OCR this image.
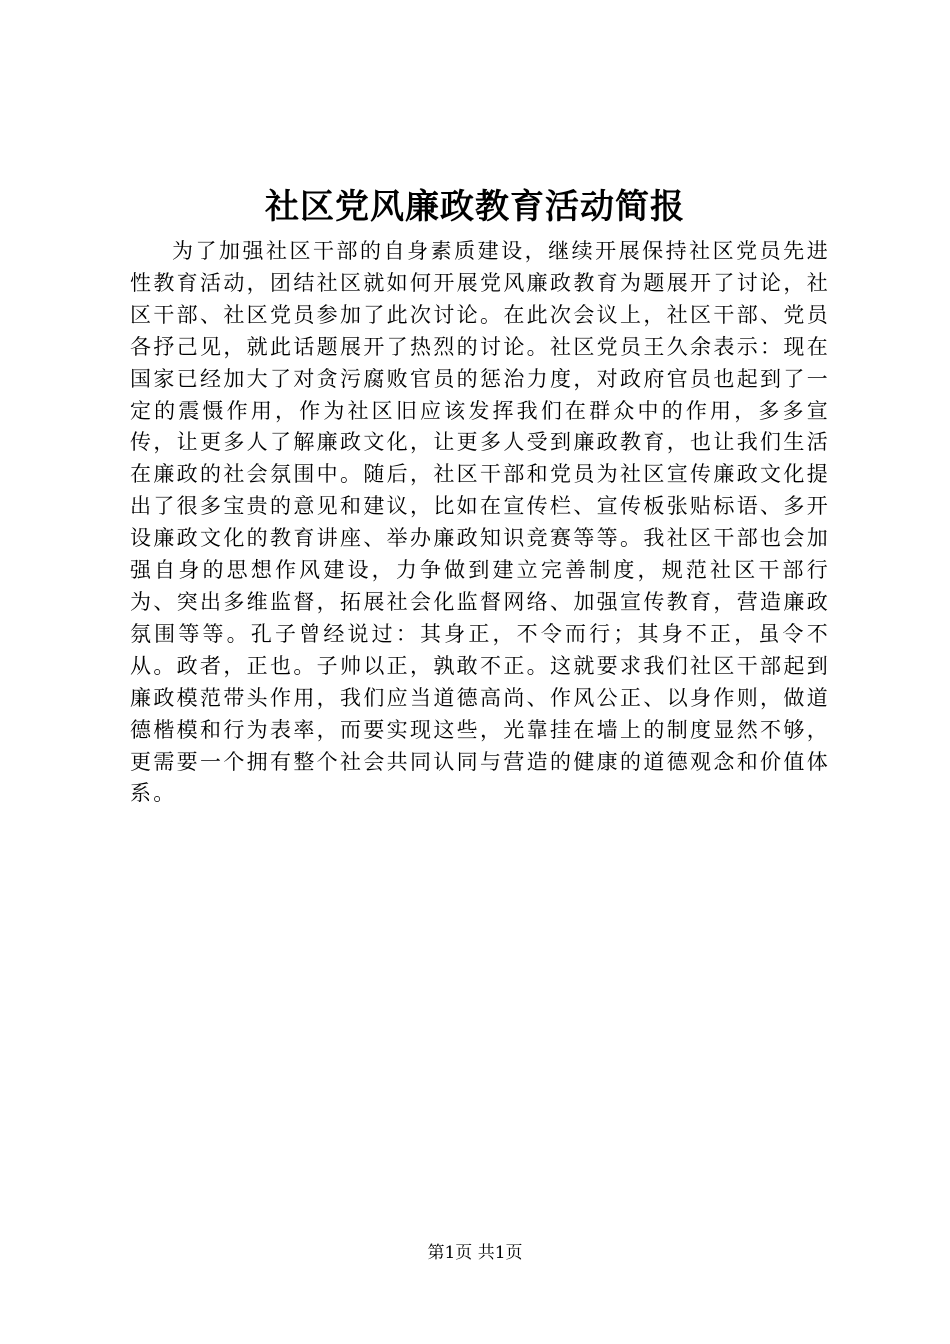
社区党风廉政教育活动简报
为了加强社区干部的自身素质建设，继续开展保持社区党员先进性教育活动，团结社区就如何开展党风廉政教育为题展开了讨论，社区干部、社区党员参加了此次讨论。在此次会议上，社区干部、党员各抒己见，就此话题展开了热烈的讨论。社区党员王久余表示：现在国家已经加大了对贪污腐败官员的惩治力度，对政府官员也起到了一定的震慑作用，作为社区旧应该发挥我们在群众中的作用，多多宣传，让更多人了解廉政文化，让更多人受到廉政教育，也让我们生活在廉政的社会氛围中。随后，社区干部和党员为社区宣传廉政文化提出了很多宝贵的意见和建议，比如在宣传栏、宣传板张贴标语、多开设廉政文化的教育讲座、举办廉政知识竞赛等等。我社区干部也会加强自身的思想作风建设，力争做到建立完善制度，规范社区干部行为、突出多维监督，拓展社会化监督网络、加强宣传教育，营造廉政氛围等等。孔子曾经说过：其身正，不令而行；其身不正，虽令不从。政者，正也。子帅以正，孰敢不正。这就要求我们社区干部起到廉政模范带头作用，我们应当道德高尚、作风公正、以身作则，做道德楷模和行为表率，而要实现这些，光靠挂在墙上的制度显然不够，更需要一个拥有整个社会共同认同与营造的健康的道德观念和价值体系。
第1页 共1页
